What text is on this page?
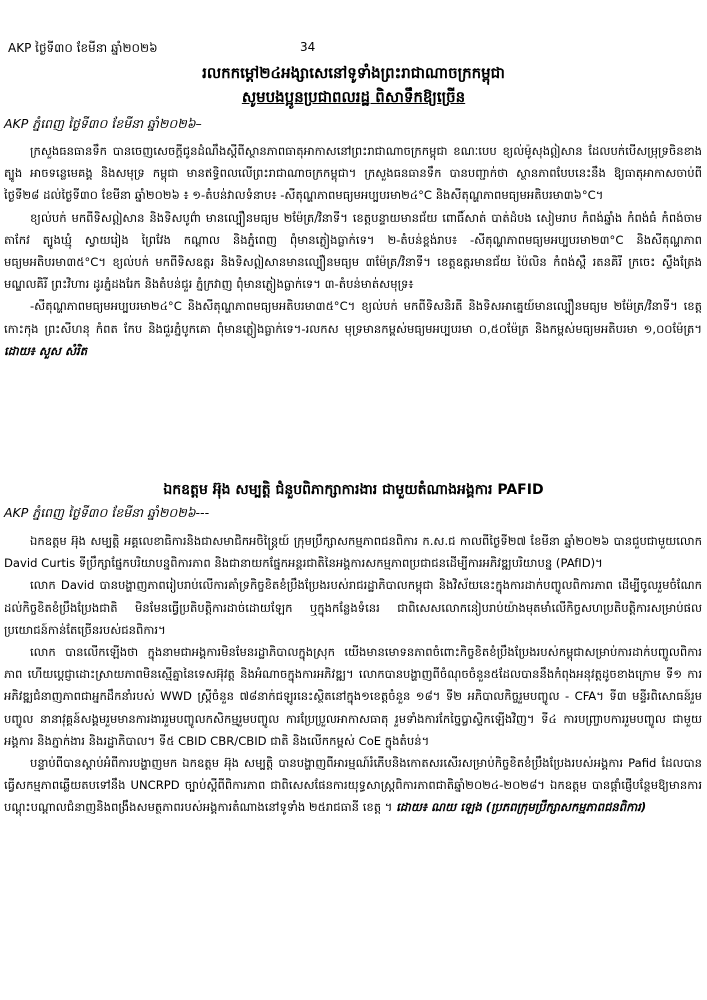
AKP ថ្ងៃទី៣០ ខែមីនា ឆ្នាំ២០២៦	34
រលកកម្ដៅ២៤អង្សាសេនៅទូទាំងព្រះរាជាណាចក្រកម្ពុជា
សូមបងប្អូនប្រជាពលរដ្ឋ ពិសាទឹកឱ្យច្រើន
AKP ភ្នំពេញ ថ្ងៃទី៣០ ខែមីនា ឆ្នាំ២០២៦–

ក្រសួងធនធានទឹក បានចេញសេចក្ដីជូនដំណឹងស្ដីពីស្ថានភាពធាតុអាកាសនៅព្រះរាជាណាចក្រកម្ពុជា ខណៈបេប ខ្យល់ម៉ូសុងឦសាន ដែលបក់បើសម្រុទ្រចិនខាងត្បូង អាចទន្លេមេគង្គ និងសមុទ្រ កម្ពុជា មានឥទ្ធិពលលើព្រះរាជាណាចក្រកម្ពុជា។ ក្រសួងធនធានទឹក បានបញ្ជាក់ថា ស្ថានភាពបែបនេះនឹង ឱ្យធាតុអាកាសចាប់ពីថ្ងៃទី២៨ ដល់ថ្ងៃទី៣០ ខែមីនា ឆ្នាំ២០២៦ ៖ ១-តំបន់វាលទំនាប៖ -សីតុណ្ហភាពមធ្យមអប្បបរមា២៤°C និងសីតុណ្ហភាពមធ្យមអតិបរមា៣៦°C។

ខ្យល់បក់ មកពីទិសឦសាន និងទិសបូព៌ា មានល្បឿនមធ្យម ២ម៉ែត្រ/វិនាទី។ ខេត្តបន្ទាយមានជ័យ ពោធិ៍សាត់ បាត់ដំបង សៀមរាប កំពង់ឆ្នាំង កំពង់ធំ កំពង់ចាម តាកែវ ត្បូងឃ្មុំ ស្វាយរៀង ព្រៃវែង កណ្ដាល និងភ្នំពេញ ពុំមានភ្លៀងធ្លាក់ទេ។ ២-តំបន់ខ្ពង់រាប៖ -សីតុណ្ហភាពមធ្យមអប្បបរមា២៣°C និងសីតុណ្ហភាពមធ្យមអតិបរមា៣៥°C។ ខ្យល់បក់ មកពីទិសឧត្តរ និងទិសឦសានមានល្បឿនមធ្យម ៣ម៉ែត្រ/វិនាទី។ ខេត្តឧត្តរមានជ័យ ប៉ៃលិន កំពង់ស្ពឺ រតនគិរី ក្រចេះ ស្ទឹងត្រែង មណ្ឌលគិរី ព្រះវិហារ ដូរភ្នំដងរែក និងតំបន់ជួរ ភ្នំក្រវាញ ពុំមានភ្លៀងធ្លាក់ទេ។ ៣-តំបន់មាត់សមុទ្រ៖

-សីតុណ្ហភាពមធ្យមអប្បបរមា២៤°C និងសីតុណ្ហភាពមធ្យមអតិបរមា៣៥°C។ ខ្យល់បក់ មកពីទិសនិរតី និងទិសអាគ្នេយ៍មានល្បឿនមធ្យម ២ម៉ែត្រ/វិនាទី។ ខេត្តកោះកុង ព្រះសីហនុ កំពត កែប និងជួរភ្នំបូកគោ ពុំមានភ្លៀងធ្លាក់ទេ។-រលកស មុទ្រមានកម្ពស់មធ្យមអប្បបរមា ០,៥០ម៉ែត្រ និងកម្ពស់មធ្យមអតិបរមា ១,០០ម៉ែត្រ។ដោយ៖ សួស សំរិត

ឯកឧត្ដម អ៊ុង សម្បត្តិ ជំនួបពិភាក្សាការងារ ជាមួយតំណាងអង្គការ PAFID
AKP ភ្នំពេញ ថ្ងៃទី៣០ ខែមីនា ឆ្នាំ២០២៦---

ឯកឧត្ដម អ៊ុង សម្បត្តិ អគ្គលេខាធិការនិងជាសមាជិកអចិន្ត្រៃយ៍ ក្រុមប្រឹក្សាសកម្មភាពជនពិការ ក.ស.ជ កាលពីថ្ងៃទី២៧ ខែមីនា ឆ្នាំ២០២៦ បានជួបជាមួយលោក David Curtis ទីប្រឹក្សាផ្នែកបរិយាបន្នពិការភាព និងជានាយកផ្នែកអន្តរជាតិនៃអង្គការសកម្មភាពប្រជាជនដើម្បីការអភិវឌ្ឍបរិយាបន្ន (PAfID)។

លោក David បានបង្ហាញភាពរៀបរាប់លើការគាំទ្រកិច្ចខិតខំប្រឹងប្រែងរបស់រាជរដ្ឋាភិបាលកម្ពុជា និងវិស័យនេះក្នុងការដាក់បញ្ចូលពិការភាព ដើម្បីចូលរួមចំណែកដល់កិច្ចខិតខំប្រឹងប្រែងជាតិ មិនមែនធ្វើប្រតិបត្តិការដាច់ដោយឡែក ឬក្នុងកន្លែងទំនេរ ជាពិសេសលោកនៀបរាប់យ៉ាងមុតមាំលើកិច្ចសហប្រតិបត្តិការសម្រាប់ផលប្រយោជន៍កាន់តែច្រើនរបស់ជនពិការ។

លោក បានលើកឡើងថា ក្នុងនាមជាអង្គការមិនមែនរដ្ឋាភិបាលក្នុងស្រុក យើងមានមោទនភាពចំពោះកិច្ចខិតខំប្រឹងប្រែងរបស់កម្ពុជាសម្រាប់ការដាក់បញ្ចូលពិការភាព ហើយប្ដេជ្ញាដោះស្រាយភាពមិនស្មើគ្នានៃទេសអ៊ុវត្ត និងអំណាចក្នុងការអភិវឌ្ឍ។ លោកបានបង្ហាញពីចំណុចចំនួន៥ដែលបាននឹងកំពុងអនុវត្តដូចខាងក្រោម ទី១ ការអភិវឌ្ឍជំនាញភាពជាអ្នកដឹកនាំរបស់ WWD ស្ត្រីចំនួន ៧៨នាក់ជឡូរនេះស្ថិតនៅក្នុង១ខេត្តចំនួន ១៨។ ទី២ អភិបាលកិច្ចរួមបញ្ចូល - CFA។ ទី៣ មន្ទីរពិសោធន៍រួមបញ្ចូល នានាវុគ្គន៍សង្គមរួមមានការងាររួមបញ្ចូលកសិកម្មរួមបញ្ចូល ការប្រែប្រួលអាកាសធាតុ រួមទាំងការកែច្នៃប្លាស្ទិកឡើងវិញ។ ទី៤ ការបញ្ច្រាបការរួមបញ្ចូល ជាមួយអង្គការ និងភ្នាក់ងារ និងរដ្ឋាភិបាល។ ទី៥ CBID CBR/CBID ជាតិ និងលើកកម្ពស់ CoE ក្នុងតំបន់។

បន្ទាប់ពីបានស្ដាប់អំពីការបង្ហាញមក ឯកឧត្ដម អ៊ុង សម្បត្តិ បានបង្ហាញពីអារម្មណ៍រំភើបនិងកោតសរសើរសម្រាប់កិច្ចខិតខំប្រឹងប្រែងរបស់អង្គការ Pafid ដែលបានធ្វើសកម្មភាពឆ្លើយតបទៅនឹង UNCRPD ច្បាប់ស្ដីពីពិការភាព ជាពិសេសផែនការយុទ្ធសាស្ត្រពិការភាពជាតិឆ្នាំ២០២៤-២០២៨។ ឯកឧត្ដម បានផ្ដាំផ្ញើបន្ថែមឱ្យមានការបណ្ដុះបណ្ដាលជំនាញនិងពង្រឹងសមត្ថភាពរបស់អង្គការតំណាងនៅទូទាំង ២៥រាជធានី ខេត្ត ។ ដោយ៖ ណយ ឡេង (ប្រភពក្រុមប្រឹក្សាសកម្មភាពជនពិការ)
